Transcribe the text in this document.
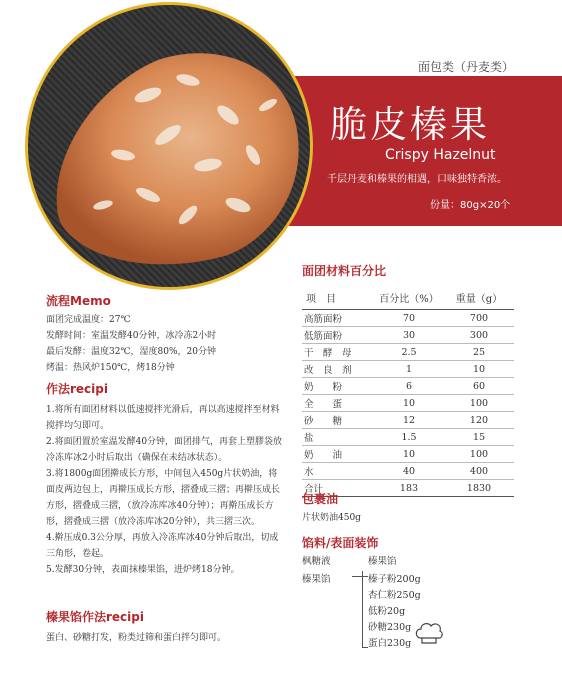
面包类（丹麦类）
脆皮榛果
Crispy Hazelnut
千层丹麦和榛果的相遇，口味独特香浓。
份量：80g×20个
流程Memo
面团完成温度：27℃
发酵时间：室温发酵40分钟，冰冷冻2小时
最后发酵：温度32℃，湿度80%，20分钟
烤温：热风炉150℃，烤18分钟
作法recipi

1.将所有面团材料以低速搅拌光滑后，再以高速搅拌至材料搅拌均匀即可。

2.将面团置於室温发酵40分钟，面团排气，再套上塑膠袋放冷冻库冰2小时后取出（确保在未结冰状态）。

3.将1800g面团擀成长方形，中间包入450g片状奶油，将面皮两边包上，再擀压成长方形，摺叠成三摺；再擀压成长方形，摺叠成三摺，（放冷冻库冰40分钟）；再擀压成长方形，摺叠成三摺（放冷冻库冰20分钟），共三摺三次。

4.擀压成0.3公分厚，再放入冷冻库冰40分钟后取出，切成三角形，卷起。

5.发酵30分钟，表面抹榛果馅，进炉烤18分钟。

榛果馅作法recipi
蛋白、砂糖打发，粉类过筛和蛋白拌匀即可。
面团材料百分比
项　目	百分比（%）	重量（g）
高筋面粉	70	700
低筋面粉	30	300
干　酵　母	2.5	25
改　良　剂	1	10
奶　　粉	6	60
全　　蛋	10	100
砂　　糖	12	120
盐	1.5	15
奶　　油	10	100
水	40	400
合计	183	1830
包裹油
片状奶油450g
馅料/表面装饰
枫糖液
榛果馅
榛果馅
榛子粉200g
杏仁粉250g
低粉20g
砂糖230g
蛋白230g
